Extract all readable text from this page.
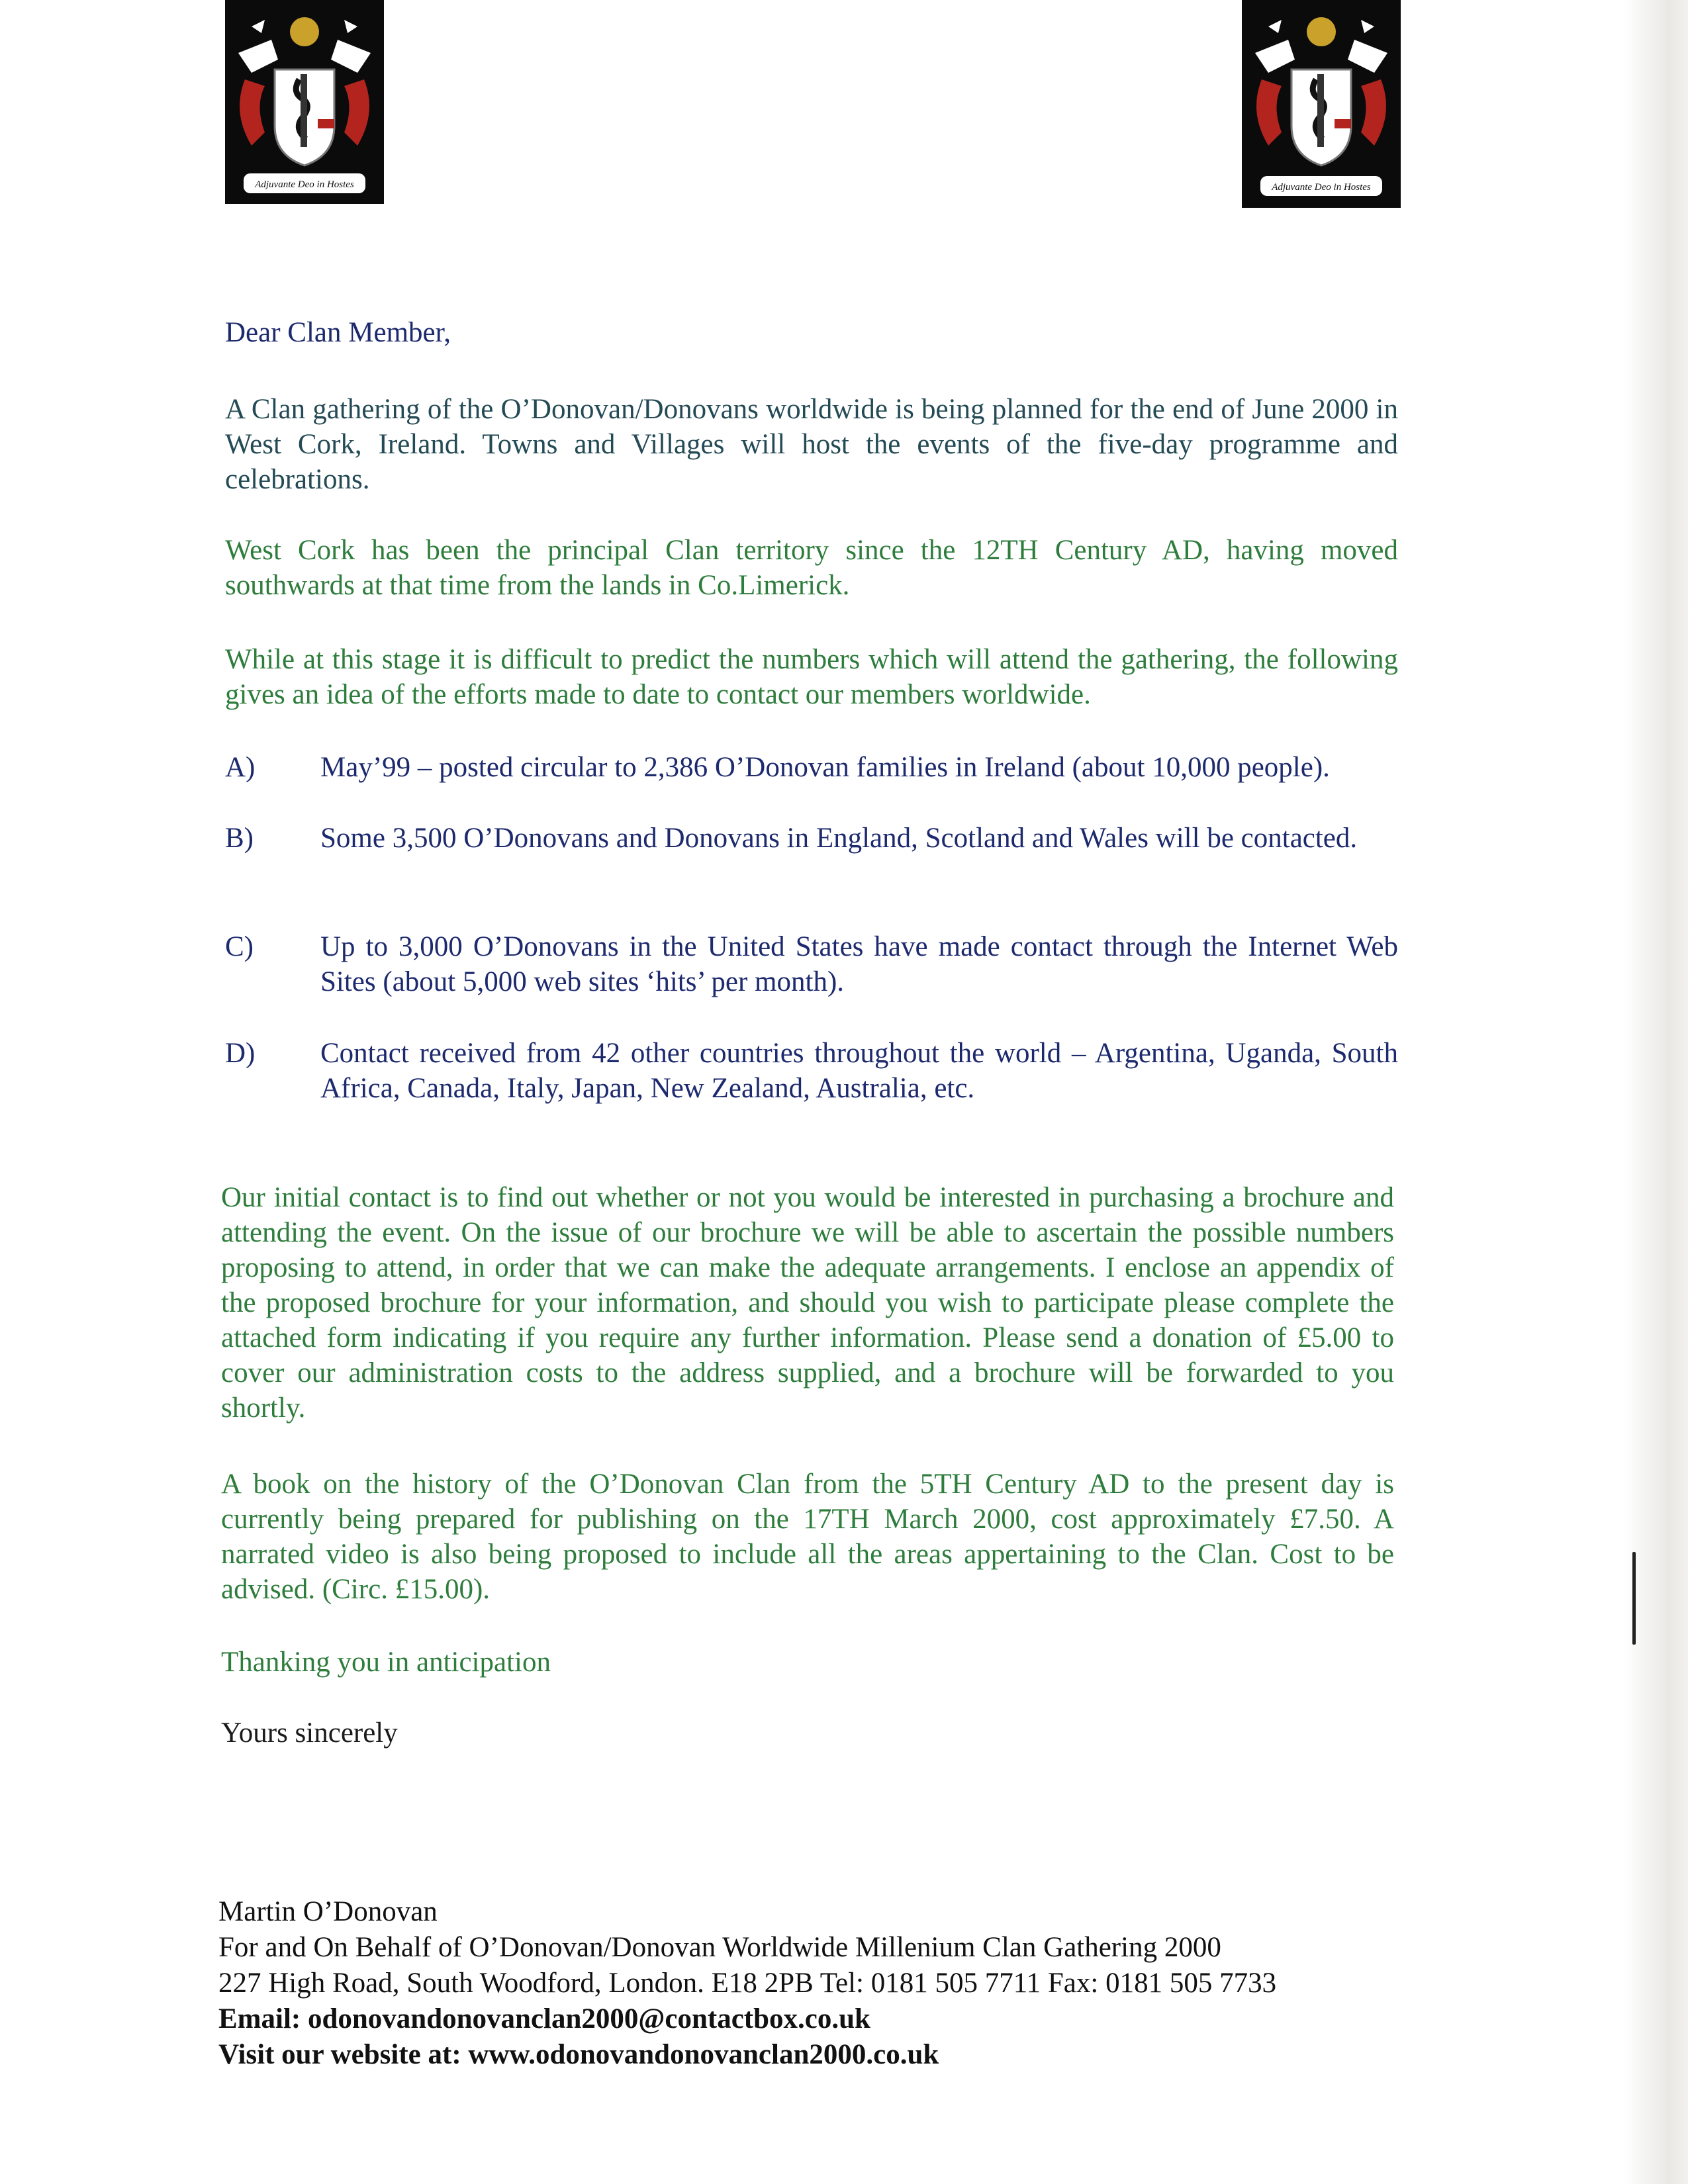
Adjuvante Deo in Hostes	Adjuvante Deo in Hostes

Dear Clan Member,

A Clan gathering of the O’Donovan/Donovans worldwide is being planned for the end of June 2000 in West Cork, Ireland. Towns and Villages will host the events of the five-day programme and celebrations.

West Cork has been the principal Clan territory since the 12TH Century AD, having moved southwards at that time from the lands in Co.Limerick.

While at this stage it is difficult to predict the numbers which will attend the gathering, the following gives an idea of the efforts made to date to contact our members worldwide.

A) May’99 – posted circular to 2,386 O’Donovan families in Ireland (about 10,000 people).

B) Some 3,500 O’Donovans and Donovans in England, Scotland and Wales will be contacted.

C) Up to 3,000 O’Donovans in the United States have made contact through the Internet Web Sites (about 5,000 web sites ‘hits’ per month).

D) Contact received from 42 other countries throughout the world – Argentina, Uganda, South Africa, Canada, Italy, Japan, New Zealand, Australia, etc.

Our initial contact is to find out whether or not you would be interested in purchasing a brochure and attending the event. On the issue of our brochure we will be able to ascertain the possible numbers proposing to attend, in order that we can make the adequate arrangements. I enclose an appendix of the proposed brochure for your information, and should you wish to participate please complete the attached form indicating if you require any further information. Please send a donation of £5.00 to cover our administration costs to the address supplied, and a brochure will be forwarded to you shortly.

A book on the history of the O’Donovan Clan from the 5TH Century AD to the present day is currently being prepared for publishing on the 17TH March 2000, cost approximately £7.50. A narrated video is also being proposed to include all the areas appertaining to the Clan. Cost to be advised. (Circ. £15.00).

Thanking you in anticipation

Yours sincerely

Martin O’Donovan
For and On Behalf of O’Donovan/Donovan Worldwide Millenium Clan Gathering 2000
227 High Road, South Woodford, London. E18 2PB Tel: 0181 505 7711 Fax: 0181 505 7733
Email: odonovandonovanclan2000@contactbox.co.uk
Visit our website at: www.odonovandonovanclan2000.co.uk
